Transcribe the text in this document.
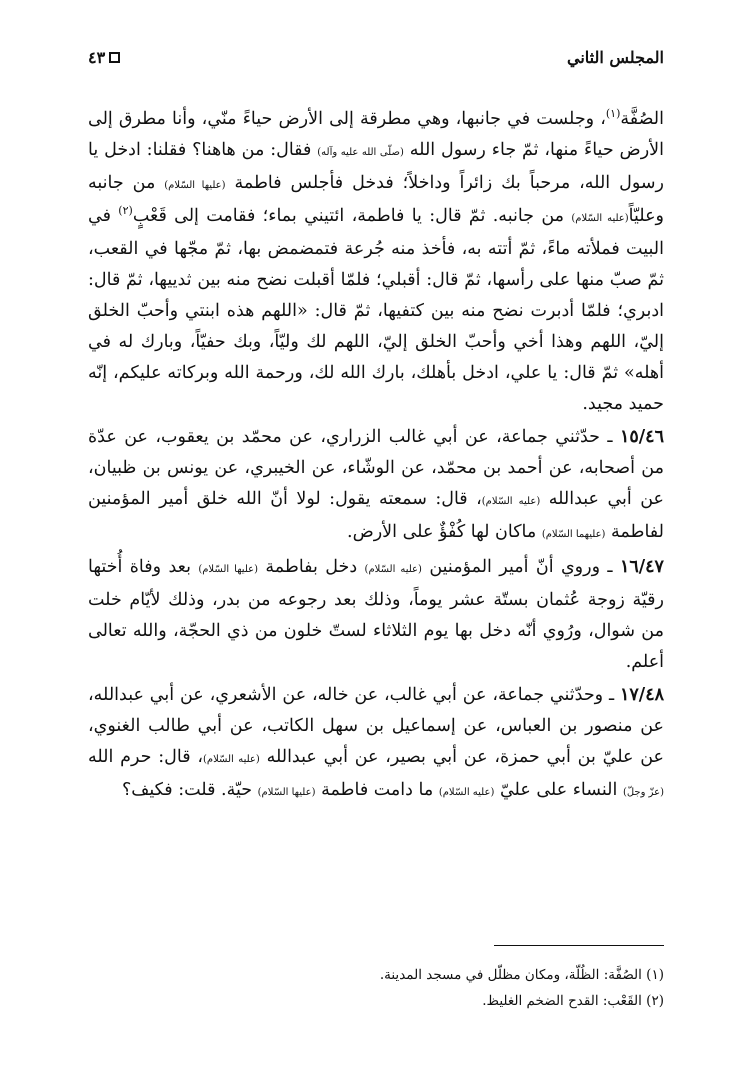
المجلس الثاني
٤٣

الصُفَّة$^{(١)}$، وجلست في جانبها، وهي مطرقة إلى الأرض حياءً منّي، وأنا مطرق إلى الأرض حياءً منها، ثمّ جاء رسول الله (صلّى الله عليه وآله) فقال: من هاهنا؟ فقلنا: ادخل يا رسول الله، مرحباً بك زائراً وداخلاً؛ فدخل فأجلس فاطمة (عليها السّلام) من جانبه وعليّاً(عليه السّلام) من جانبه. ثمّ قال: يا فاطمة، ائتيني بماء؛ فقامت إلى قَعْبٍ$^{(٢)}$ في البيت فملأته ماءً، ثمّ أتته به، فأخذ منه جُرعة فتمضمض بها، ثمّ مجّها في القعب، ثمّ صبّ منها على رأسها، ثمّ قال: أقبلي؛ فلمّا أقبلت نضح منه بين ثدييها، ثمّ قال: ادبري؛ فلمّا أدبرت نضح منه بين كتفيها، ثمّ قال: «اللهم هذه ابنتي وأحبّ الخلق إليّ، اللهم وهذا أخي وأحبّ الخلق إليّ، اللهم لك وليّاً، وبك حفيّاً، وبارك له في أهله» ثمّ قال: يا علي، ادخل بأهلك، بارك الله لك، ورحمة الله وبركاته عليكم، إنّه حميد مجيد.

١٥/٤٦ ـ حدّثني جماعة، عن أبي غالب الزراري، عن محمّد بن يعقوب، عن عدّة من أصحابه، عن أحمد بن محمّد، عن الوشّاء، عن الخيبري، عن يونس بن ظبيان، عن أبي عبدالله (عليه السّلام)، قال: سمعته يقول: لولا أنّ الله خلق أمير المؤمنين لفاطمة (عليهما السّلام) ماكان لها كُفْؤٌ على الأرض.

١٦/٤٧ ـ وروي أنّ أمير المؤمنين (عليه السّلام) دخل بفاطمة (عليها السّلام) بعد وفاة أُختها رقيّة زوجة عُثمان بستّة عشر يوماً، وذلك بعد رجوعه من بدر، وذلك لأيّام خلت من شوال، ورُوي أنّه دخل بها يوم الثلاثاء لستّ خلون من ذي الحجّة، والله تعالى أعلم.

١٧/٤٨ ـ وحدّثني جماعة، عن أبي غالب، عن خاله، عن الأشعري، عن أبي عبدالله، عن منصور بن العباس، عن إسماعيل بن سهل الكاتب، عن أبي طالب الغنوي، عن عليّ بن أبي حمزة، عن أبي بصير، عن أبي عبدالله (عليه السّلام)، قال: حرم الله (عزّ وجلّ) النساء على عليّ (عليه السّلام) ما دامت فاطمة (عليها السّلام) حيّة. قلت: فكيف؟

(١) الصُفَّة: الظُلّة، ومكان مظلّل في مسجد المدينة.

(٢) القَعْب: القدح الضخم الغليظ.
